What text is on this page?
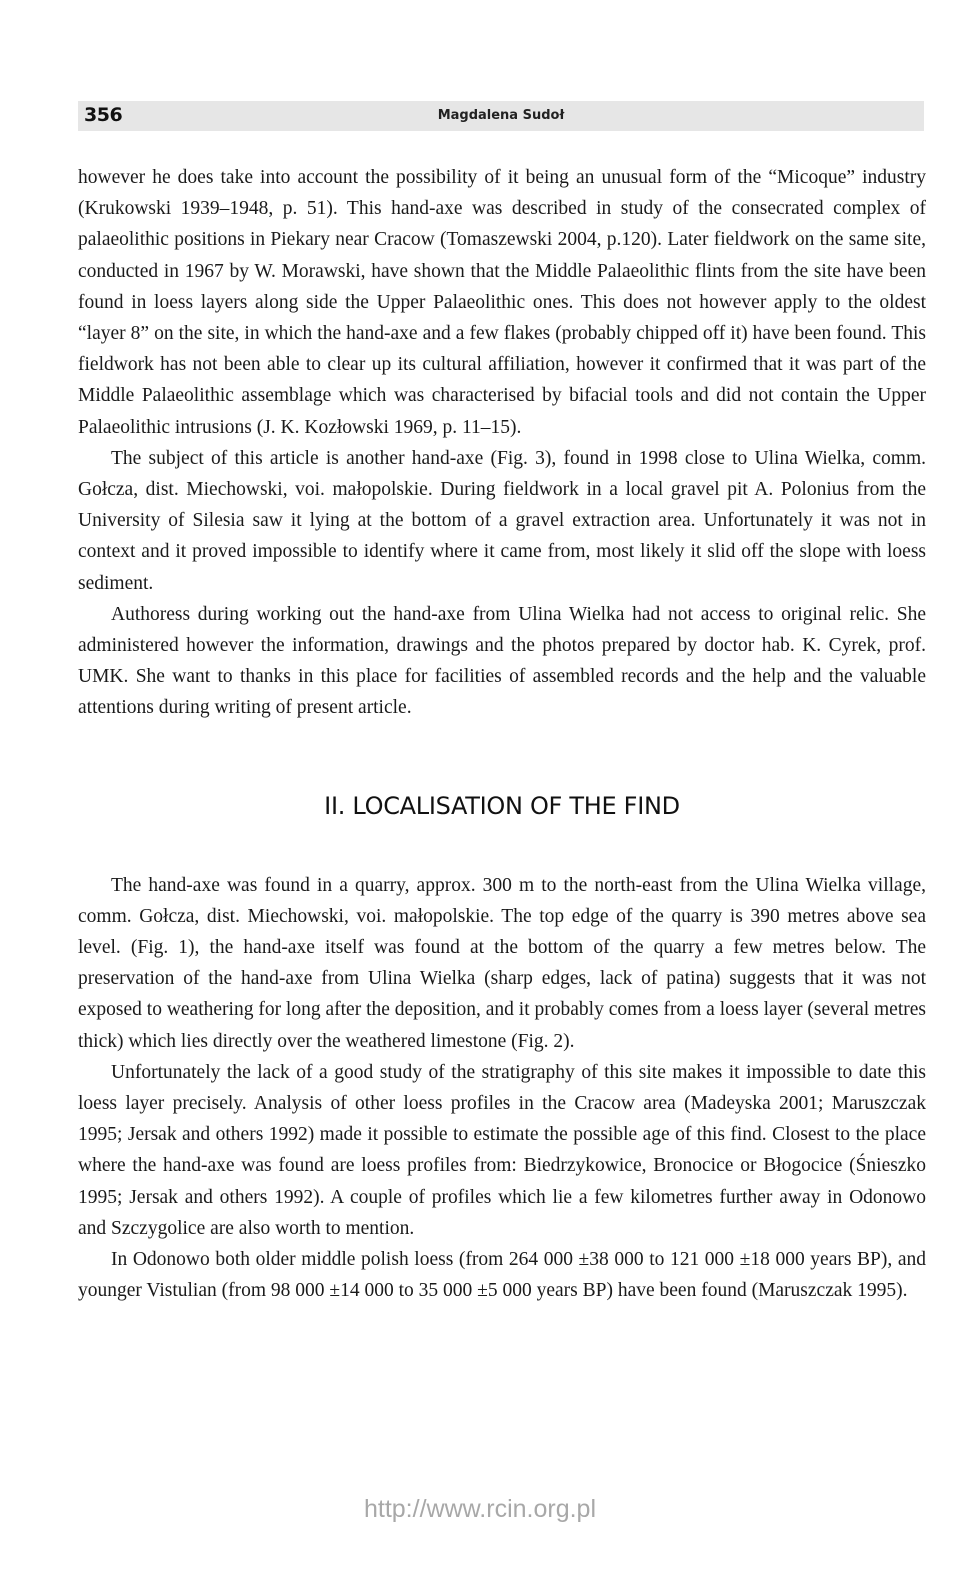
356	Magdalena Sudoł

however he does take into account the possibility of it being an unusual form of the “Micoque” industry (Krukowski 1939–1948, p. 51). This hand-axe was described in study of the consecrated complex of palaeolithic positions in Piekary near Cracow (Tomaszewski 2004, p.120). Later fieldwork on the same site, conducted in 1967 by W. Morawski, have shown that the Middle Palaeolithic flints from the site have been found in loess layers along side the Upper Palaeolithic ones. This does not however apply to the oldest “layer 8” on the site, in which the hand-axe and a few flakes (probably chipped off it) have been found. This fieldwork has not been able to clear up its cultural affiliation, however it confirmed that it was part of the Middle Palaeolithic assemblage which was characterised by bifacial tools and did not contain the Upper Palaeolithic intrusions (J. K. Kozłowski 1969, p. 11–15).

The subject of this article is another hand-axe (Fig. 3), found in 1998 close to Ulina Wielka, comm. Gołcza, dist. Miechowski, voi. małopolskie. During fieldwork in a local gravel pit A. Polonius from the University of Silesia saw it lying at the bottom of a gravel extraction area. Unfortunately it was not in context and it proved impossible to identify where it came from, most likely it slid off the slope with loess sediment.

Authoress during working out the hand-axe from Ulina Wielka had not access to original relic. She administered however the information, drawings and the photos prepared by doctor hab. K. Cyrek, prof. UMK. She want to thanks in this place for facilities of assembled records and the help and the valuable attentions during writing of present article.

II. LOCALISATION OF THE FIND

The hand-axe was found in a quarry, approx. 300 m to the north-east from the Ulina Wielka village, comm. Gołcza, dist. Miechowski, voi. małopolskie. The top edge of the quarry is 390 metres above sea level. (Fig. 1), the hand-axe itself was found at the bottom of the quarry a few metres below. The preservation of the hand-axe from Ulina Wielka (sharp edges, lack of patina) suggests that it was not exposed to weathering for long after the deposition, and it probably comes from a loess layer (several metres thick) which lies directly over the weathered limestone (Fig. 2).

Unfortunately the lack of a good study of the stratigraphy of this site makes it impossible to date this loess layer precisely. Analysis of other loess profiles in the Cracow area (Madeyska 2001; Maruszczak 1995; Jersak and others 1992) made it possible to estimate the possible age of this find. Closest to the place where the hand-axe was found are loess profiles from: Biedrzykowice, Bronocice or Błogocice (Śnieszko 1995; Jersak and others 1992). A couple of profiles which lie a few kilometres further away in Odonowo and Szczygolice are also worth to mention.

In Odonowo both older middle polish loess (from 264 000 ±38 000 to 121 000 ±18 000 years BP), and younger Vistulian (from 98 000 ±14 000 to 35 000 ±5 000 years BP) have been found (Maruszczak 1995).

http://www.rcin.org.pl
